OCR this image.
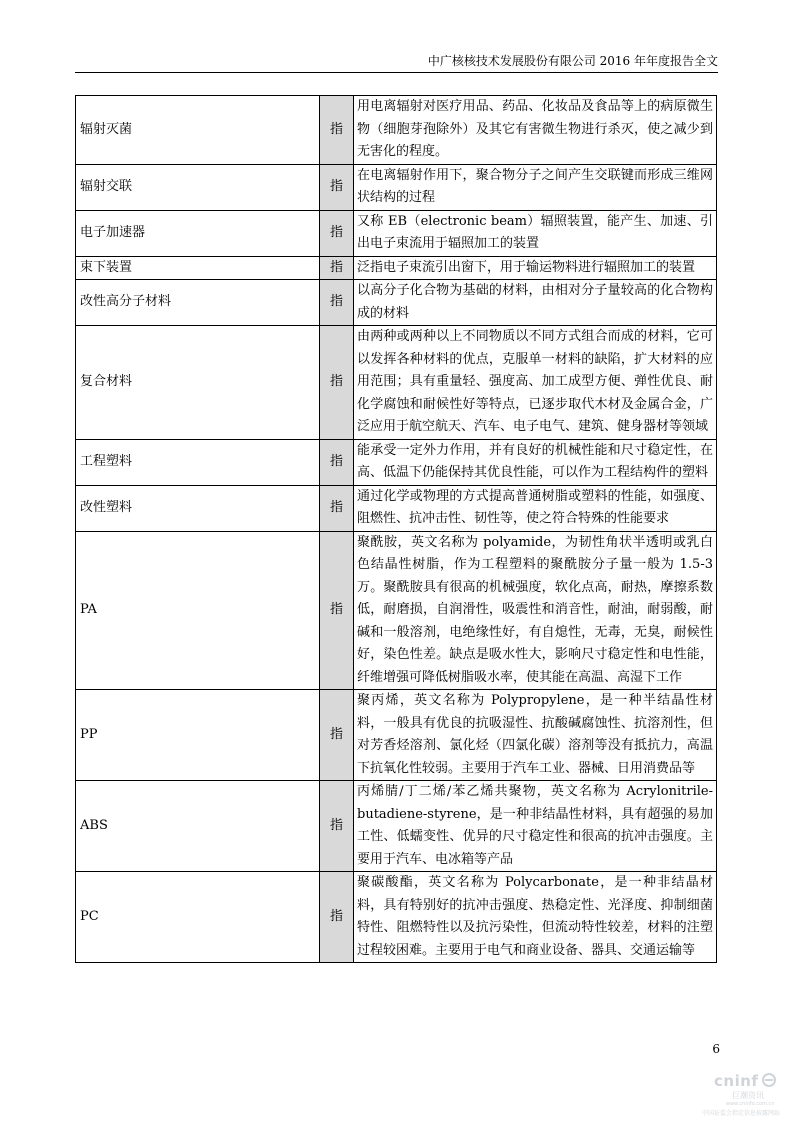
中广核核技术发展股份有限公司 2016 年年度报告全文
辐射灭菌	指	用电离辐射对医疗用品、药品、化妆品及食品等上的病原微生物（细胞芽孢除外）及其它有害微生物进行杀灭，使之减少到无害化的程度。
辐射交联	指	在电离辐射作用下，聚合物分子之间产生交联键而形成三维网状结构的过程
电子加速器	指	又称 EB（electronic beam）辐照装置，能产生、加速、引出电子束流用于辐照加工的装置
束下装置	指	泛指电子束流引出窗下，用于输运物料进行辐照加工的装置
改性高分子材料	指	以高分子化合物为基础的材料，由相对分子量较高的化合物构成的材料
复合材料	指	由两种或两种以上不同物质以不同方式组合而成的材料，它可以发挥各种材料的优点，克服单一材料的缺陷，扩大材料的应用范围；具有重量轻、强度高、加工成型方便、弹性优良、耐化学腐蚀和耐候性好等特点，已逐步取代木材及金属合金，广泛应用于航空航天、汽车、电子电气、建筑、健身器材等领域
工程塑料	指	能承受一定外力作用，并有良好的机械性能和尺寸稳定性，在高、低温下仍能保持其优良性能，可以作为工程结构件的塑料
改性塑料	指	通过化学或物理的方式提高普通树脂或塑料的性能，如强度、阻燃性、抗冲击性、韧性等，使之符合特殊的性能要求
PA	指	聚酰胺，英文名称为 polyamide，为韧性角状半透明或乳白色结晶性树脂，作为工程塑料的聚酰胺分子量一般为 1.5-3 万。聚酰胺具有很高的机械强度，软化点高，耐热，摩擦系数低，耐磨损，自润滑性，吸震性和消音性，耐油，耐弱酸，耐碱和一般溶剂，电绝缘性好，有自熄性，无毒，无臭，耐候性好，染色性差。缺点是吸水性大，影响尺寸稳定性和电性能，纤维增强可降低树脂吸水率，使其能在高温、高湿下工作
PP	指	聚丙烯，英文名称为 Polypropylene，是一种半结晶性材料，一般具有优良的抗吸湿性、抗酸碱腐蚀性、抗溶剂性，但对芳香烃溶剂、氯化烃（四氯化碳）溶剂等没有抵抗力，高温下抗氧化性较弱。主要用于汽车工业、器械、日用消费品等
ABS	指	丙烯腈/丁二烯/苯乙烯共聚物，英文名称为 Acrylonitrile-butadiene-styrene，是一种非结晶性材料，具有超强的易加工性、低蠕变性、优异的尺寸稳定性和很高的抗冲击强度。主要用于汽车、电冰箱等产品
PC	指	聚碳酸酯，英文名称为 Polycarbonate，是一种非结晶材料，具有特别好的抗冲击强度、热稳定性、光泽度、抑制细菌特性、阻燃特性以及抗污染性，但流动特性较差，材料的注塑过程较困难。主要用于电气和商业设备、器具、交通运输等
6
cninf
巨潮资讯
www.cninfo.com.cn
中国证监会指定信息披露网站
